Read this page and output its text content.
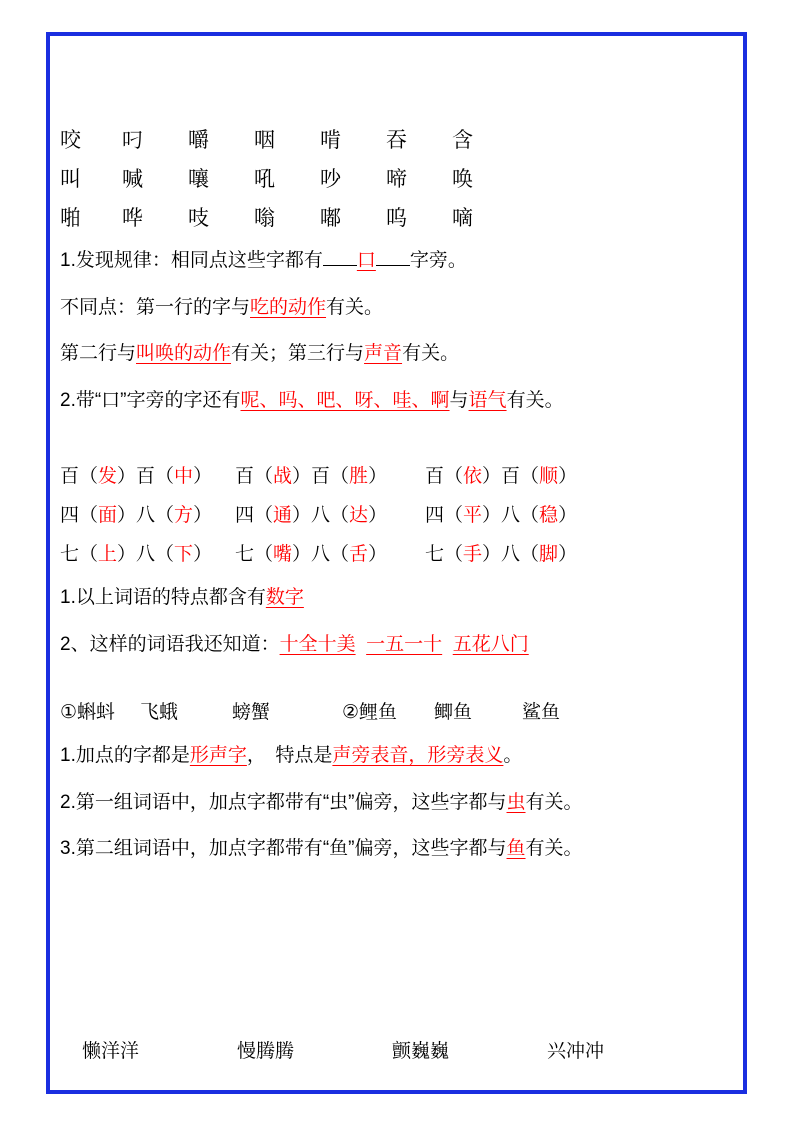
咬	叼	嚼	咽	啃	吞	含
叫	喊	嚷	吼	吵	啼	唤
啪	哗	吱	嗡	嘟	呜	嘀
1.发现规律：相同点这些字都有 口 字旁。
不同点：第一行的字与吃的动作有关。
第二行与叫唤的动作有关；第三行与声音有关。
2.带“口”字旁的字还有呢、吗、吧、呀、哇、啊与语气有关。
百（发）百（中）	百（战）百（胜）	百（依）百（顺）
四（面）八（方）	四（通）八（达）	四（平）八（稳）
七（上）八（下）	七（嘴）八（舌）	七（手）八（脚）
1.以上词语的特点都含有数字
2、这样的词语我还知道：十全十美 一五一十 五花八门
①蝌蚪	飞蛾	螃蟹	②鲤鱼	鲫鱼	鲨鱼
1.加点的字都是形声字，　特点是声旁表音，形旁表义。
2.第一组词语中，加点字都带有“虫”偏旁，这些字都与虫有关。
3.第二组词语中，加点字都带有“鱼”偏旁，这些字都与鱼有关。
懒洋洋	慢腾腾	颤巍巍	兴冲冲
